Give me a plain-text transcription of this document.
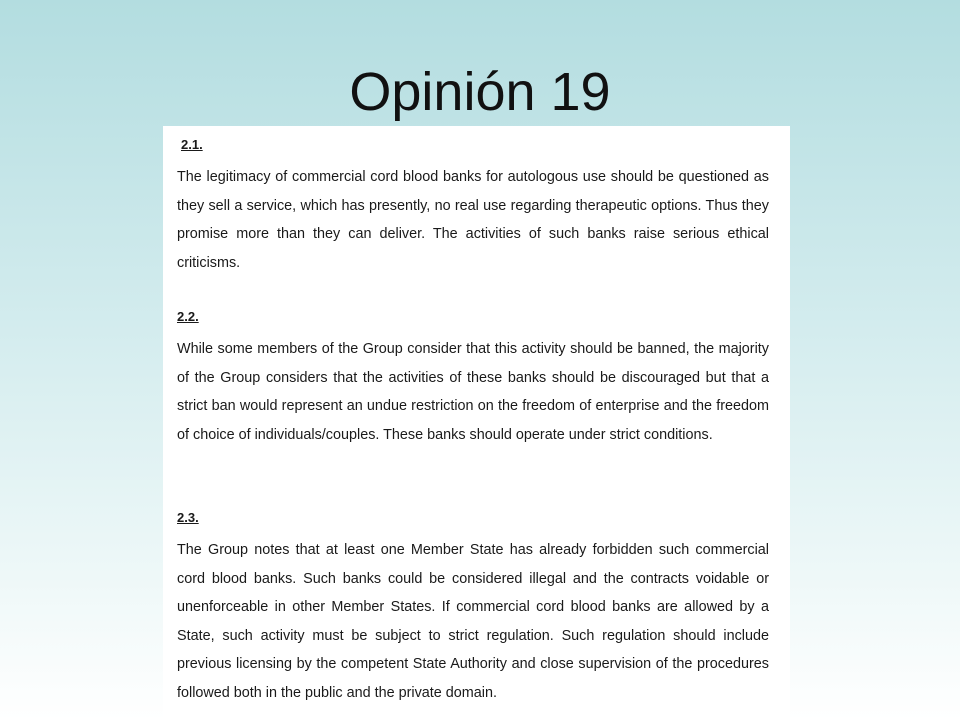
Opinión 19

2.1.

The legitimacy of commercial cord blood banks for autologous use should be questioned as they sell a service, which has presently, no real use regarding therapeutic options. Thus they promise more than they can deliver. The activities of such banks raise serious ethical criticisms.

2.2.

While some members of the Group consider that this activity should be banned, the majority of the Group considers that the activities of these banks should be discouraged but that a strict ban would represent an undue restriction on the freedom of enterprise and the freedom of choice of individuals/couples. These banks should operate under strict conditions.

2.3.

The Group notes that at least one Member State has already forbidden such commercial cord blood banks. Such banks could be considered illegal and the contracts voidable or unenforceable in other Member States. If commercial cord blood banks are allowed by a State, such activity must be subject to strict regulation. Such regulation should include previous licensing by the competent State Authority and close supervision of the procedures followed both in the public and the private domain.
